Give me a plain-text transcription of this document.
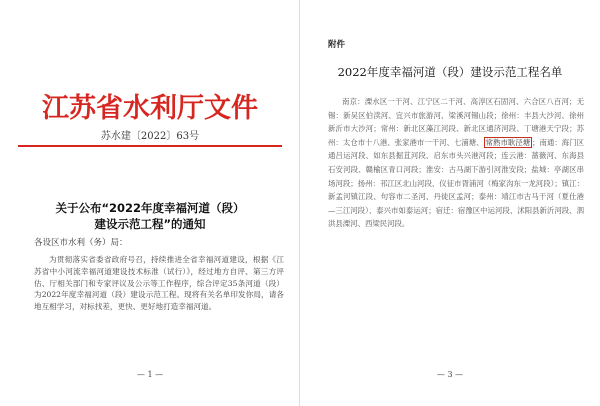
江苏省水利厅文件
苏水建〔2022〕63号
关于公布“2022年度幸福河道（段）
建设示范工程”的通知
各设区市水利（务）局：
为贯彻落实省委省政府号召，持续推进全省幸福河道建设，根据《江苏省中小河流幸福河道建设技术标准（试行）》，经过地方自评、第三方评估、厅相关部门和专家评议及公示等工作程序，综合评定35条河道（段）为2022年度幸福河道（段）建设示范工程。现将有关名单印发你局，请各地互相学习，对标找差，更快、更好地打造幸福河道。
— 1 —
附件
2022年度幸福河道（段）建设示范工程名单
南京：溧水区一干河、江宁区二干河、高淳区石固河、六合区八百河；无锡：新吴区伯渎河、宜兴市旅游河、梁溪河锡山段；徐州：丰县大沙河、徐州新沂市大沙河；常州：新北区藻江河段、新北区通济河段、丁塘港天宁段；苏州：太仓市十八港、张家港市一干河、七浦塘、 常熟市耿泾塘 ；南通：海门区通吕运河段、如东县掘苴河段、启东市头兴港河段；连云港：蔷薇河、东海县石安河段、赣榆区青口河段；淮安：古马湖下游引河淮安段；盐城：亭湖区串场河段；扬州：邗江区北山河段、仪征市胥浦河（梅家沟东一龙河段）；镇江：新孟河镇江段、句容市二圣河、丹徒区孟河；泰州：靖江市古马干河（夏仕港—三江河段）、泰兴市如泰运河；宿迁：宿豫区中运河段、沭阳县新沂河段、泗洪县溧河、西梁民河段。
— 3 —
